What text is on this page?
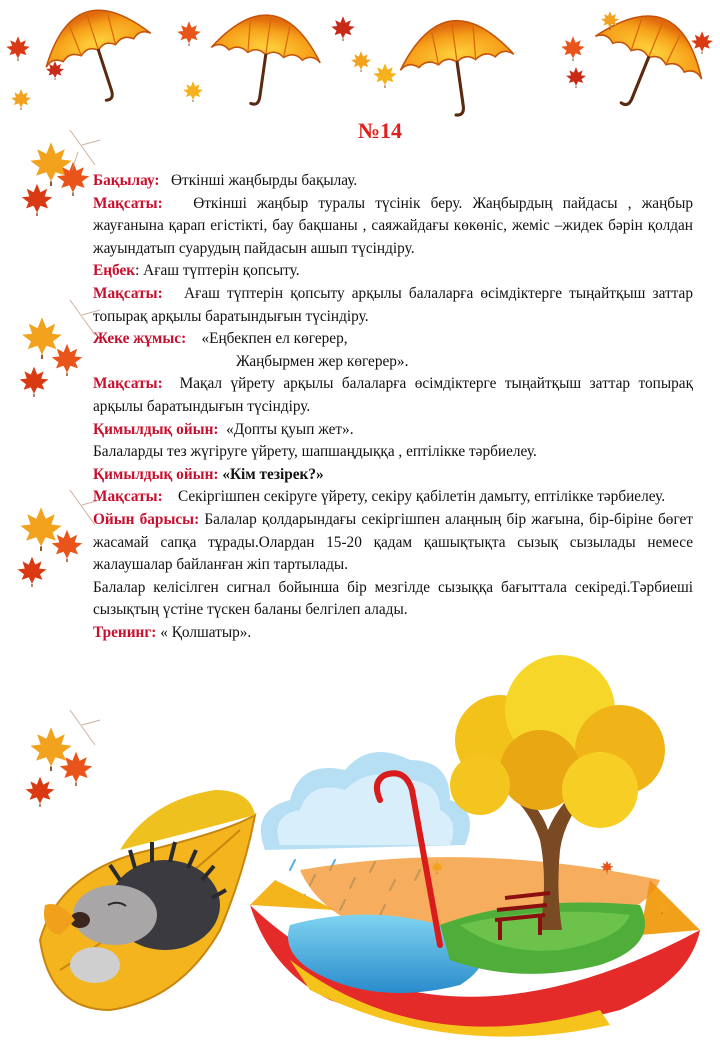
№14

Бақылау: Өткінші жаңбырды бақылау.

Мақсаты: Өткінші жаңбыр туралы түсінік беру. Жаңбырдың пайдасы , жаңбыр жауғанына қарап егістікті, бау бақшаны , саяжайдағы көкөніс, жеміс –жидек бәрін қолдан жауындатып суарудың пайдасын ашып түсіндіру.

Еңбек: Ағаш түптерін қопсыту.

Мақсаты: Ағаш түптерін қопсыту арқылы балаларға өсімдіктерге тыңайтқыш заттар топырақ арқылы баратындығын түсіндіру.

Жеке жұмыс: «Еңбекпен ел көгерер,

Жаңбырмен жер көгерер».

Мақсаты: Мақал үйрету арқылы балаларға өсімдіктерге тыңайтқыш заттар топырақ арқылы баратындығын түсіндіру.

Қимылдық ойын: «Допты қуып жет».

Балаларды тез жүгіруге үйрету, шапшаңдыққа , ептілікке тәрбиелеу.

Қимылдық ойын: «Кім тезірек?»

Мақсаты: Секіргішпен секіруге үйрету, секіру қабілетін дамыту, ептілікке тәрбиелеу.

Ойын барысы: Балалар қолдарындағы секіргішпен алаңның бір жағына, бір-біріне бөгет жасамай сапқа тұрады.Олардан 15-20 қадам қашықтықта сызық сызылады немесе жалаушалар байланған жіп тартылады.

Балалар келісілген сигнал бойынша бір мезгілде сызыққа бағыттала секіреді.Тәрбиеші сызықтың үстіне түскен баланы белгілеп алады.

Тренинг: « Қолшатыр».
